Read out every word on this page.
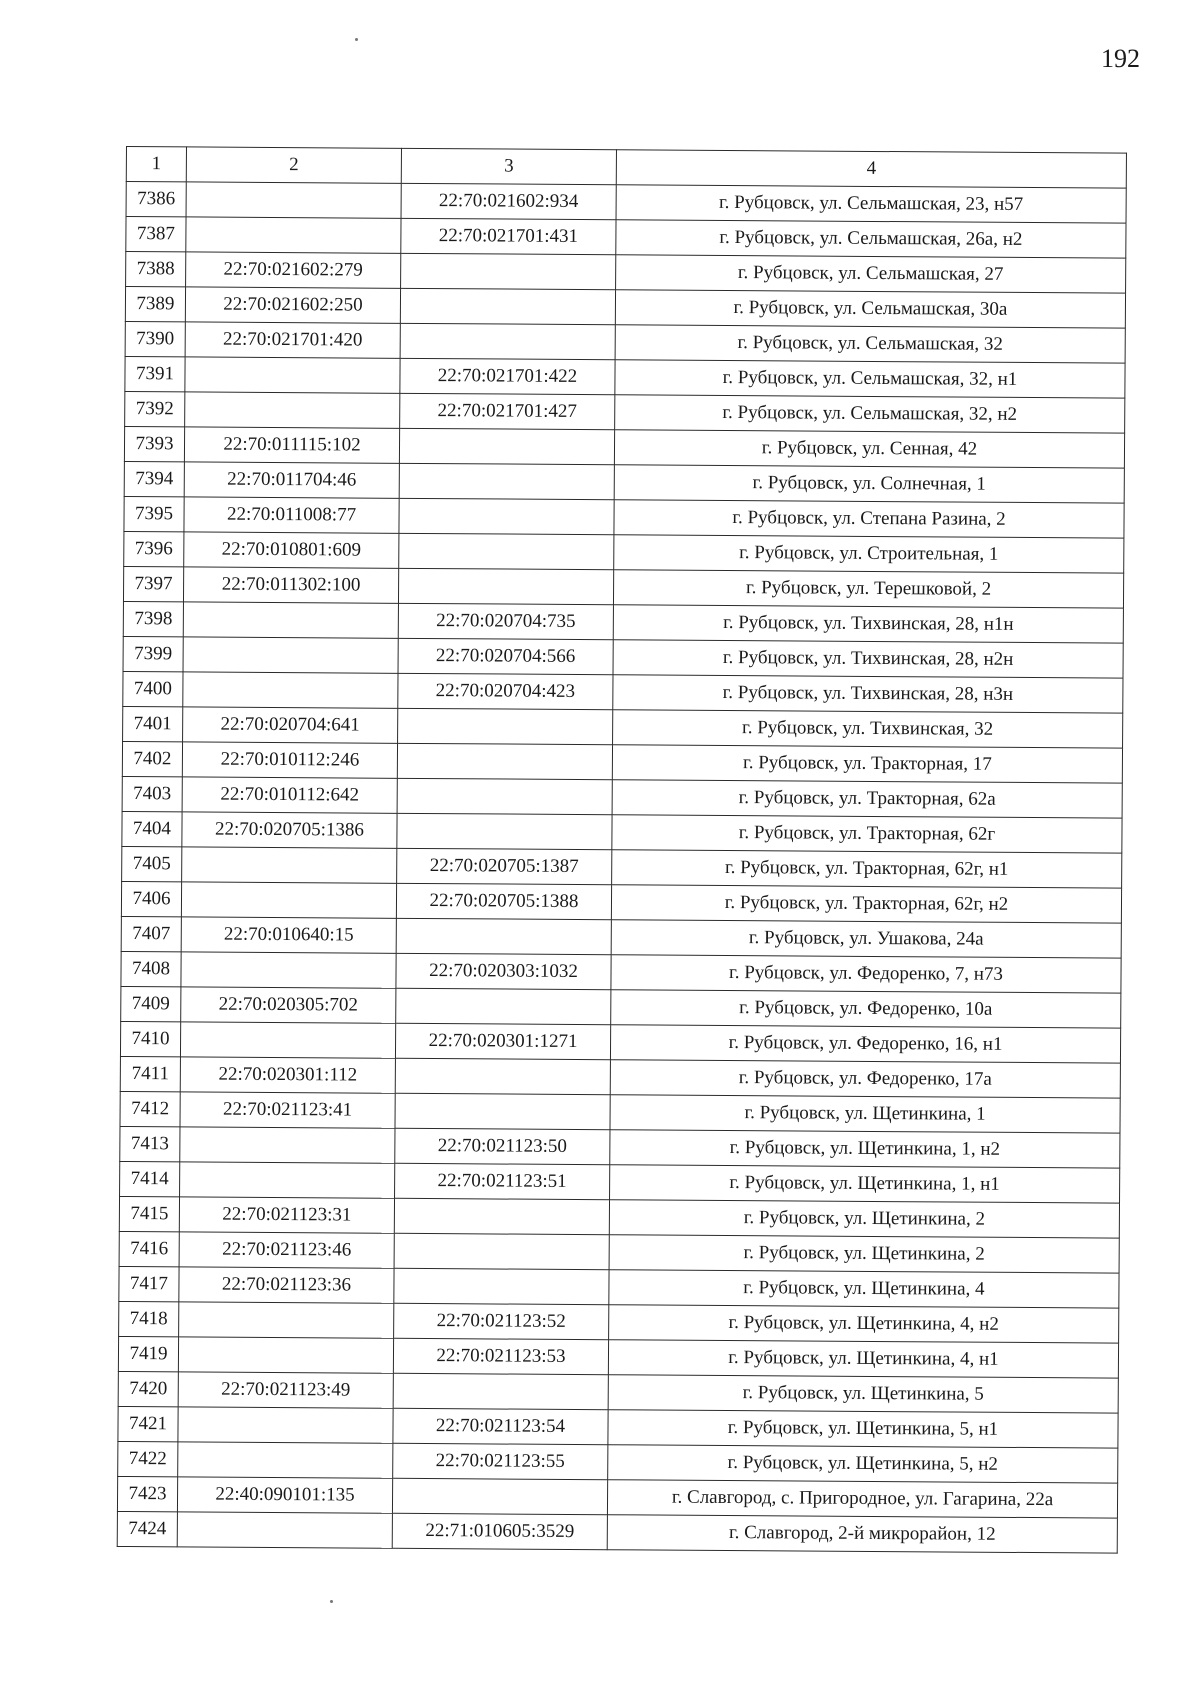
192
1	2	3	4
7386		22:70:021602:934	г. Рубцовск, ул. Сельмашская, 23, н57
7387		22:70:021701:431	г. Рубцовск, ул. Сельмашская, 26а, н2
7388	22:70:021602:279		г. Рубцовск, ул. Сельмашская, 27
7389	22:70:021602:250		г. Рубцовск, ул. Сельмашская, 30а
7390	22:70:021701:420		г. Рубцовск, ул. Сельмашская, 32
7391		22:70:021701:422	г. Рубцовск, ул. Сельмашская, 32, н1
7392		22:70:021701:427	г. Рубцовск, ул. Сельмашская, 32, н2
7393	22:70:011115:102		г. Рубцовск, ул. Сенная, 42
7394	22:70:011704:46		г. Рубцовск, ул. Солнечная, 1
7395	22:70:011008:77		г. Рубцовск, ул. Степана Разина, 2
7396	22:70:010801:609		г. Рубцовск, ул. Строительная, 1
7397	22:70:011302:100		г. Рубцовск, ул. Терешковой, 2
7398		22:70:020704:735	г. Рубцовск, ул. Тихвинская, 28, н1н
7399		22:70:020704:566	г. Рубцовск, ул. Тихвинская, 28, н2н
7400		22:70:020704:423	г. Рубцовск, ул. Тихвинская, 28, н3н
7401	22:70:020704:641		г. Рубцовск, ул. Тихвинская, 32
7402	22:70:010112:246		г. Рубцовск, ул. Тракторная, 17
7403	22:70:010112:642		г. Рубцовск, ул. Тракторная, 62а
7404	22:70:020705:1386		г. Рубцовск, ул. Тракторная, 62г
7405		22:70:020705:1387	г. Рубцовск, ул. Тракторная, 62г, н1
7406		22:70:020705:1388	г. Рубцовск, ул. Тракторная, 62г, н2
7407	22:70:010640:15		г. Рубцовск, ул. Ушакова, 24а
7408		22:70:020303:1032	г. Рубцовск, ул. Федоренко, 7, н73
7409	22:70:020305:702		г. Рубцовск, ул. Федоренко, 10а
7410		22:70:020301:1271	г. Рубцовск, ул. Федоренко, 16, н1
7411	22:70:020301:112		г. Рубцовск, ул. Федоренко, 17а
7412	22:70:021123:41		г. Рубцовск, ул. Щетинкина, 1
7413		22:70:021123:50	г. Рубцовск, ул. Щетинкина, 1, н2
7414		22:70:021123:51	г. Рубцовск, ул. Щетинкина, 1, н1
7415	22:70:021123:31		г. Рубцовск, ул. Щетинкина, 2
7416	22:70:021123:46		г. Рубцовск, ул. Щетинкина, 2
7417	22:70:021123:36		г. Рубцовск, ул. Щетинкина, 4
7418		22:70:021123:52	г. Рубцовск, ул. Щетинкина, 4, н2
7419		22:70:021123:53	г. Рубцовск, ул. Щетинкина, 4, н1
7420	22:70:021123:49		г. Рубцовск, ул. Щетинкина, 5
7421		22:70:021123:54	г. Рубцовск, ул. Щетинкина, 5, н1
7422		22:70:021123:55	г. Рубцовск, ул. Щетинкина, 5, н2
7423	22:40:090101:135		г. Славгород, с. Пригородное, ул. Гагарина, 22а
7424		22:71:010605:3529	г. Славгород, 2-й микрорайон, 12
